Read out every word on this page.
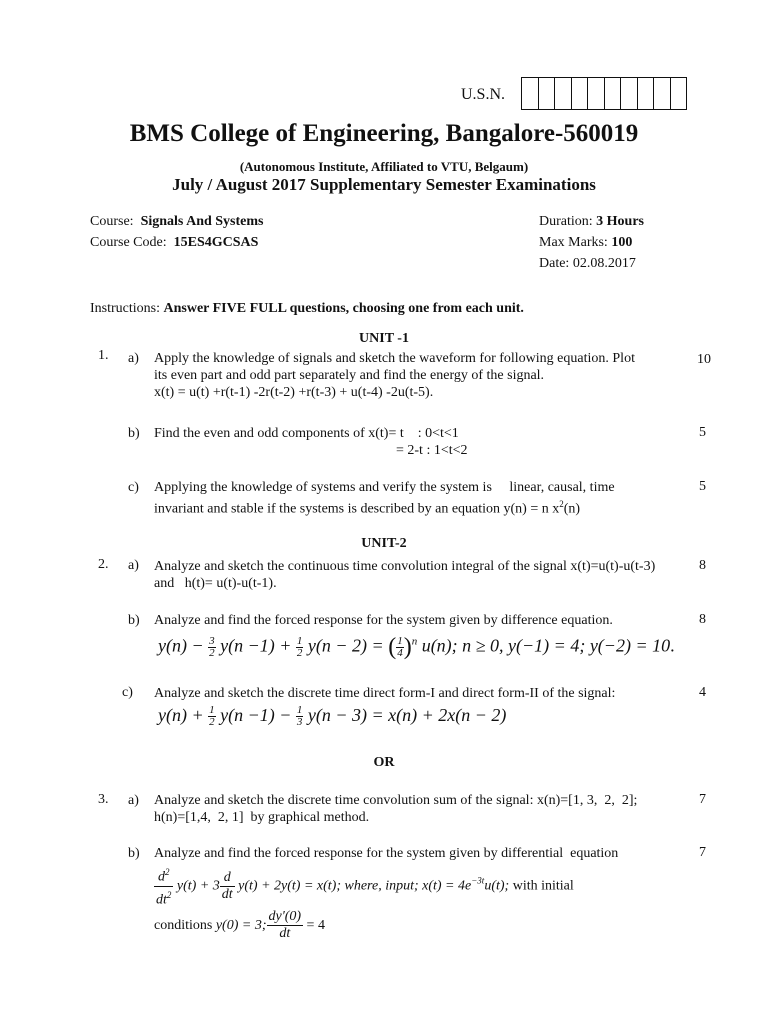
U.S.N.
BMS College of Engineering, Bangalore-560019
(Autonomous Institute, Affiliated to VTU, Belgaum)
July / August 2017 Supplementary Semester Examinations
Course: Signals And Systems
Course Code: 15ES4GCSAS
Duration: 3 Hours
Max Marks: 100
Date: 02.08.2017
Instructions: Answer FIVE FULL questions, choosing one from each unit.
UNIT -1
1. a) Apply the knowledge of signals and sketch the waveform for following equation. Plot
its even part and odd part separately and find the energy of the signal.
x(t) = u(t) +r(t-1) -2r(t-2) +r(t-3) + u(t-4) -2u(t-5).
10
b) Find the even and odd components of x(t)= t    : 0<t<1
= 2-t : 1<t<2
5
c) Applying the knowledge of systems and verify the system is     linear, causal, time
invariant and stable if the systems is described by an equation y(n) = n $x^2(n)$
5
UNIT-2
2. a) Analyze and sketch the continuous time convolution integral of the signal x(t)=u(t)-u(t-3)
and   h(t)= u(t)-u(t-1).
8
b) Analyze and find the forced response for the system given by difference equation.	8
$y(n) - \frac{3}{2} y(n -1) + \frac{1}{2} y(n - 2)$ = ( $\frac{1}{4} )^n$ u(n); n ≥ 0, y(−1) = 4; y(−2) = 10.
c) Analyze and sketch the discrete time direct form-I and direct form-II of the signal:	4
$y(n) + \frac{1}{2} y(n -1) - \frac{1}{3} y(n - 3) = x(n) + 2x(n - 2)$
OR
3. a) Analyze and sketch the discrete time convolution sum of the signal: x(n)=[1, 3,  2,  2];
h(n)=[1,4,  2, 1]  by graphical method.
7
b) Analyze and find the forced response for the system given by differential  equation	7
$\frac{d^2}{dt^2} y(t) + 3 \frac{d}{dt} y(t) + 2y(t) = x(t)$; where, input; $x(t) = 4e^{-3t}u(t)$; with initial
conditions y(0) = 3; $\frac{dy'(0)}{dt} = 4$
